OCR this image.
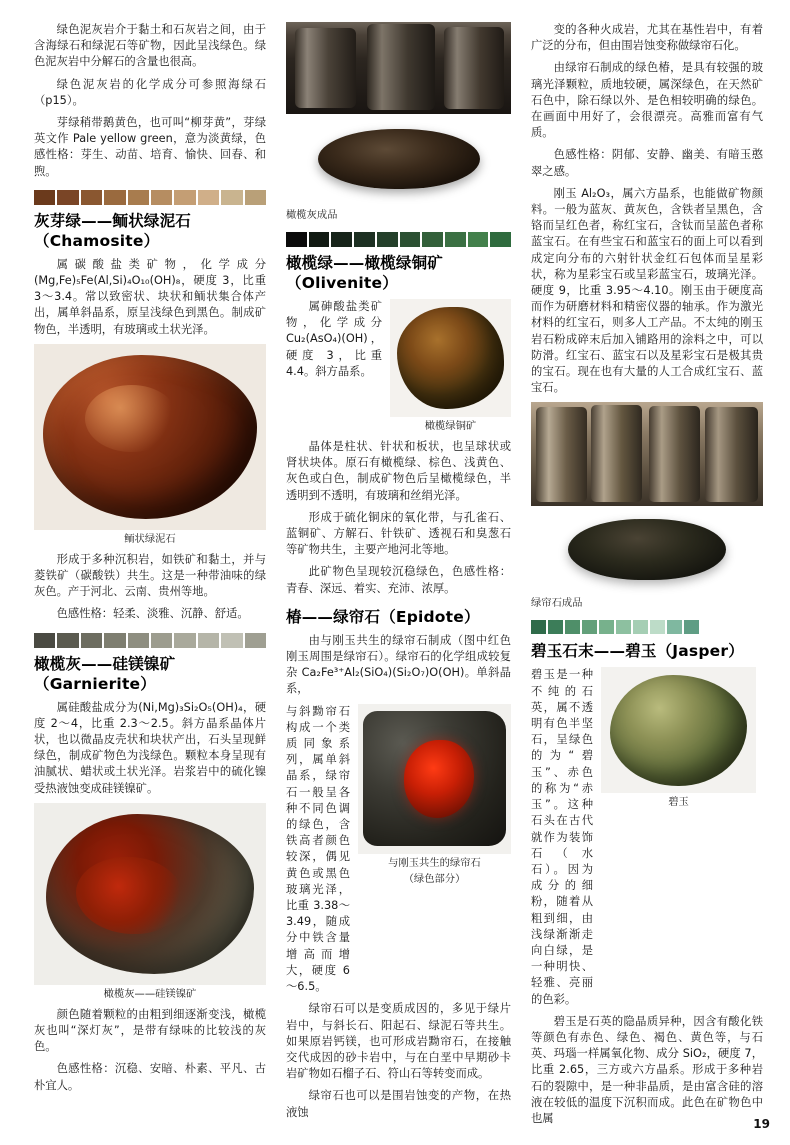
绿色泥灰岩介于黏土和石灰岩之间，由于含海绿石和绿泥石等矿物，因此呈浅绿色。绿色泥灰岩中分解石的含量也很高。

绿色泥灰岩的化学成分可参照海绿石（p15）。

芽绿稍带鹅黄色，也可叫“柳芽黄”，芽绿英文作 Pale yellow green，意为淡黄绿，色感性格：芽生、动苗、培育、愉快、回春、和煦。

灰芽绿——鲕状绿泥石（Chamosite）

属碳酸盐类矿物，化学成分 (Mg,Fe)₅Fe(Al,Si)₄O₁₀(OH)₈，硬度 3，比重 3～3.4。常以致密状、块状和鲕状集合体产出，属单斜晶系，原呈浅绿色到黑色。制成矿物色，半透明，有玻璃或土状光泽。

鲕状绿泥石

形成于多种沉积岩，如铁矿和黏土，并与菱铁矿（碳酸铁）共生。这是一种带油味的绿灰色。产于河北、云南、贵州等地。

色感性格：轻柔、淡雅、沉静、舒适。

橄榄灰——硅镁镍矿（Garnierite）

属硅酸盐成分为(Ni,Mg)₃Si₂O₅(OH)₄，硬度 2～4，比重 2.3～2.5。斜方晶系晶体片状，也以微晶皮壳状和块状产出，石头呈现鲜绿色，制成矿物色为浅绿色。颗粒本身呈现有油腻状、蜡状或土状光泽。岩浆岩中的硫化镍受热液蚀变成硅镁镍矿。

橄榄灰——硅镁镍矿

颜色随着颗粒的由粗到细逐渐变浅，橄榄灰也叫“深灯灰”，是带有绿味的比较浅的灰色。

色感性格：沉稳、安暗、朴素、平凡、古朴宜人。

橄榄灰成品
橄榄绿——橄榄绿铜矿（Olivenite）

属砷酸盐类矿物，化学成分 Cu₂(AsO₄)(OH)，硬度 3，比重 4.4。斜方晶系。

橄榄绿铜矿

晶体是柱状、针状和板状，也呈球状或肾状块体。原石有橄榄绿、棕色、浅黄色、灰色或白色，制成矿物色后呈橄榄绿色，半透明到不透明，有玻璃和丝绢光泽。

形成于硫化铜床的氧化带，与孔雀石、蓝铜矿、方解石、针铁矿、透视石和臭葱石等矿物共生，主要产地河北等地。

此矿物色呈现较沉稳绿色，色感性格：青春、深远、着实、充沛、浓厚。

椿——绿帘石（Epidote）

由与刚玉共生的绿帘石制成（图中红色刚玉周围是绿帘石）。绿帘石的化学组成较复杂 Ca₂Fe³⁺Al₂(SiO₄)(Si₂O₇)O(OH)。单斜晶系，

与斜黝帘石构成一个类质同象系列，属单斜晶系，绿帘石一般呈各种不同色调的绿色，含铁高者颜色较深，偶见黄色或黑色玻璃光泽，比重 3.38～3.49，随成分中铁含量增高而增大，硬度 6～6.5。

与刚玉共生的绿帘石
（绿色部分）

绿帘石可以是变质成因的，多见于绿片岩中，与斜长石、阳起石、绿泥石等共生。如果原岩钙镁，也可形成岩黝帘石，在接触交代成因的砂卡岩中，与在白垩中早期砂卡岩矿物如石榴子石、符山石等转变而成。

绿帘石也可以是围岩蚀变的产物，在热液蚀

变的各种火成岩，尤其在基性岩中，有着广泛的分布，但由围岩蚀变称做绿帘石化。

由绿帘石制成的绿色椿，是具有较强的玻璃光泽颗粒，质地较硬，属深绿色，在天然矿石色中，除石绿以外、是色相较明确的绿色。在画面中用好了，会很漂亮。高雅而富有气质。

色感性格：阴郁、安静、幽美、有暗玉憨翠之感。

刚玉 Al₂O₃，属六方晶系，也能做矿物颜料。一般为蓝灰、黄灰色，含铁者呈黑色，含铬而呈红色者，称红宝石，含钛而呈蓝色者称蓝宝石。在有些宝石和蓝宝石的面上可以看到成定向分布的六射针状金红石包体而呈星彩状，称为星彩宝石或呈彩蓝宝石，玻璃光泽。硬度 9，比重 3.95～4.10。刚玉由于硬度高而作为研磨材料和精密仪器的轴承。作为激光材料的红宝石，则多人工产品。不太纯的刚玉岩石粉成碎末后加入铺路用的涂料之中，可以防滑。红宝石、蓝宝石以及星彩宝石是极其贵的宝石。现在也有大量的人工合成红宝石、蓝宝石。

绿帘石成品
碧玉石末——碧玉（Jasper）

碧玉是一种不纯的石英，属不透明有色半坚石，呈绿色的为“碧玉”、赤色的称为“赤玉”。这种石头在古代就作为装饰石（水石）。因为成分的细粉，随着从粗到细，由浅绿渐渐走向白绿，是一种明快、轻雅、亮丽的色彩。

碧玉

碧玉是石英的隐晶质异种，因含有酸化铁等颜色有赤色、绿色、褐色、黄色等，与石英、玛瑙一样属氧化物、成分 SiO₂，硬度 7，比重 2.65，三方或六方晶系。形成于多种岩石的裂隙中，是一种非晶质，是由富含硅的溶液在较低的温度下沉积而成。此色在矿物色中也属	19
